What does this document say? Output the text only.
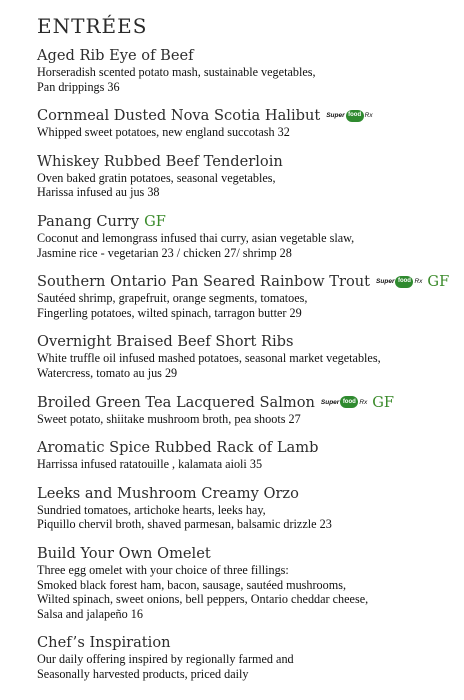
ENTRÉES
Aged Rib Eye of Beef
Horseradish scented potato mash, sustainable vegetables,
Pan drippings 36
Cornmeal Dusted Nova Scotia Halibut Super food Rx
Whipped sweet potatoes, new england succotash 32
Whiskey Rubbed Beef Tenderloin
Oven baked gratin potatoes, seasonal vegetables,
Harissa infused au jus 38
Panang Curry GF
Coconut and lemongrass infused thai curry, asian vegetable slaw,
Jasmine rice - vegetarian 23 / chicken 27/ shrimp 28
Southern Ontario Pan Seared Rainbow Trout Super food Rx GF
Sautéed shrimp, grapefruit, orange segments, tomatoes,
Fingerling potatoes, wilted spinach, tarragon butter 29
Overnight Braised Beef Short Ribs
White truffle oil infused mashed potatoes, seasonal market vegetables,
Watercress, tomato au jus 29
Broiled Green Tea Lacquered Salmon Super food Rx GF
Sweet potato, shiitake mushroom broth, pea shoots 27
Aromatic Spice Rubbed Rack of Lamb
Harrissa infused ratatouille , kalamata aioli 35
Leeks and Mushroom Creamy Orzo
Sundried tomatoes, artichoke hearts, leeks hay,
Piquillo chervil broth, shaved parmesan, balsamic drizzle 23
Build Your Own Omelet
Three egg omelet with your choice of three fillings:
Smoked black forest ham, bacon, sausage, sautéed mushrooms,
Wilted spinach, sweet onions, bell peppers, Ontario cheddar cheese,
Salsa and jalapeño 16
Chef’s Inspiration
Our daily offering inspired by regionally farmed and
Seasonally harvested products, priced daily
